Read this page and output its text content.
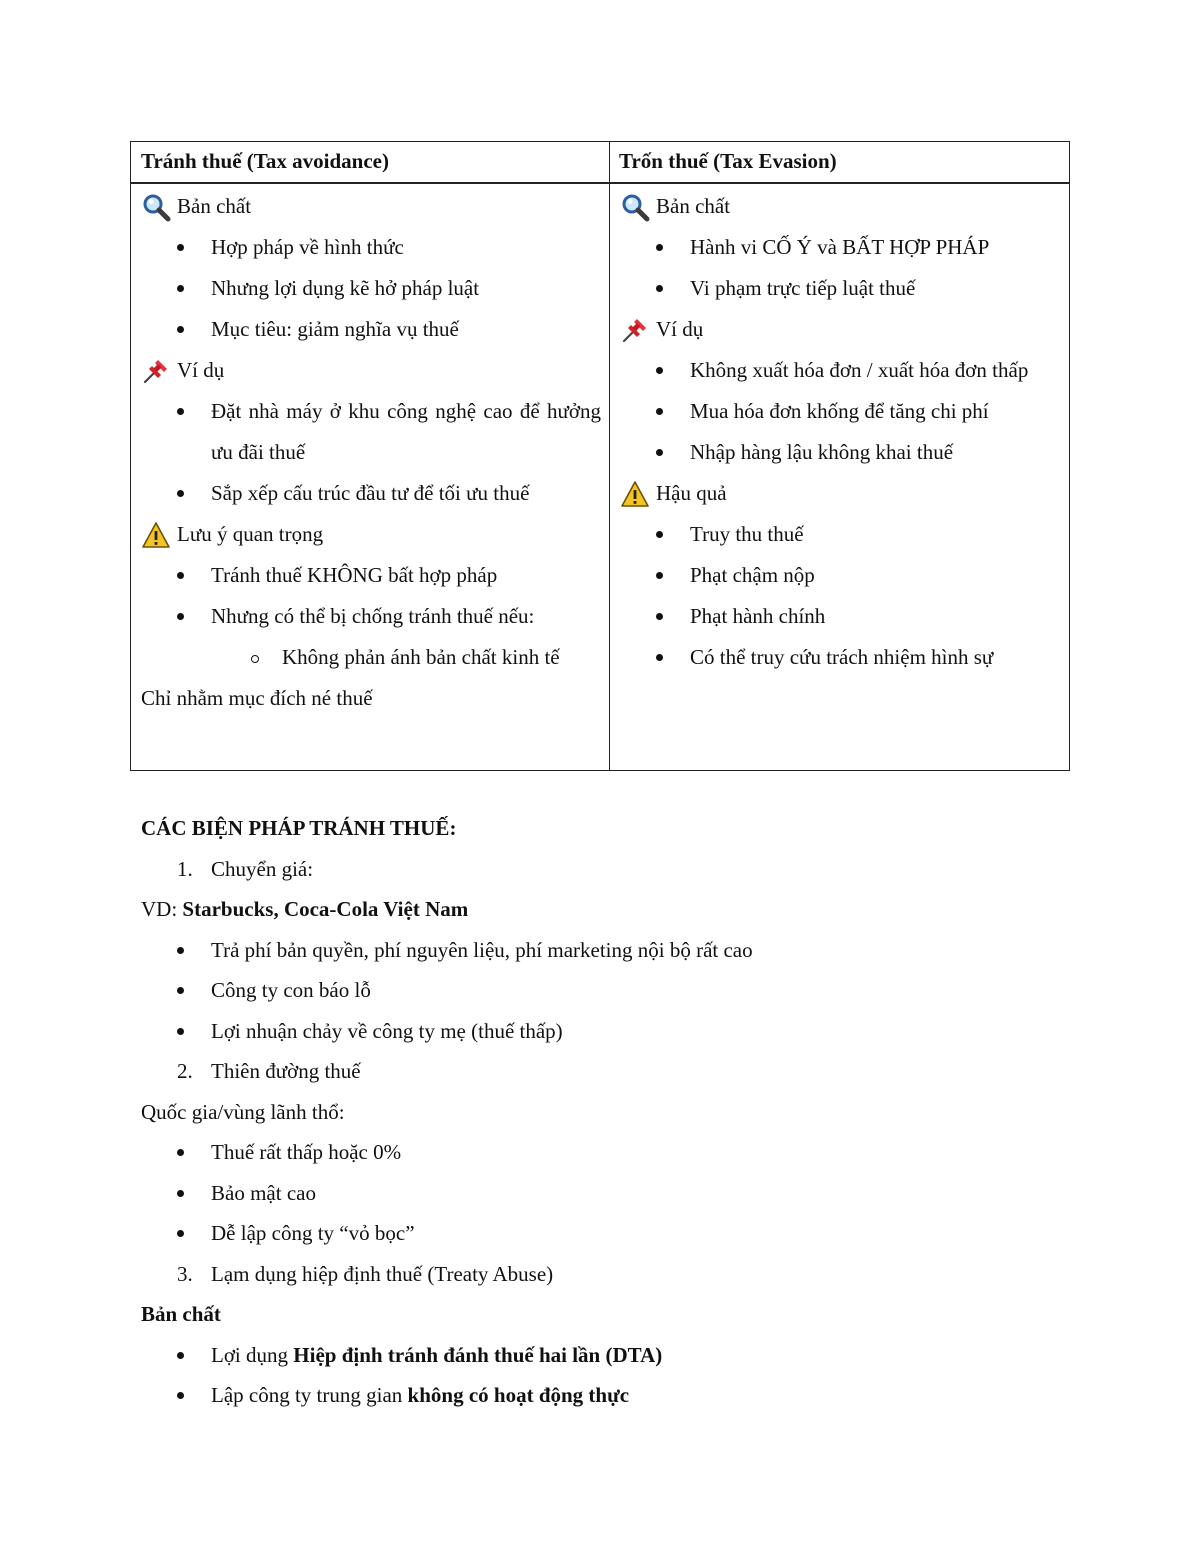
Tránh thuế (Tax avoidance)	Trốn thuế (Tax Evasion)
Bản chất
Hợp pháp về hình thức
Nhưng lợi dụng kẽ hở pháp luật
Mục tiêu: giảm nghĩa vụ thuế
Ví dụ
Đặt nhà máy ở khu công nghệ cao để hưởng ưu đãi thuế
Sắp xếp cấu trúc đầu tư để tối ưu thuế
Lưu ý quan trọng
Tránh thuế KHÔNG bất hợp pháp
Nhưng có thể bị chống tránh thuế nếu:
Không phản ánh bản chất kinh tế
Chỉ nhằm mục đích né thuế
Bản chất
Hành vi CỐ Ý và BẤT HỢP PHÁP
Vi phạm trực tiếp luật thuế
Ví dụ
Không xuất hóa đơn / xuất hóa đơn thấp
Mua hóa đơn khống để tăng chi phí
Nhập hàng lậu không khai thuế
Hậu quả
Truy thu thuế
Phạt chậm nộp
Phạt hành chính
Có thể truy cứu trách nhiệm hình sự
CÁC BIỆN PHÁP TRÁNH THUẾ:
1. Chuyển giá:
VD: Starbucks, Coca-Cola Việt Nam
Trả phí bản quyền, phí nguyên liệu, phí marketing nội bộ rất cao
Công ty con báo lỗ
Lợi nhuận chảy về công ty mẹ (thuế thấp)
2. Thiên đường thuế
Quốc gia/vùng lãnh thổ:
Thuế rất thấp hoặc 0%
Bảo mật cao
Dễ lập công ty “vỏ bọc”
3. Lạm dụng hiệp định thuế (Treaty Abuse)
Bản chất
Lợi dụng Hiệp định tránh đánh thuế hai lần (DTA)
Lập công ty trung gian không có hoạt động thực
